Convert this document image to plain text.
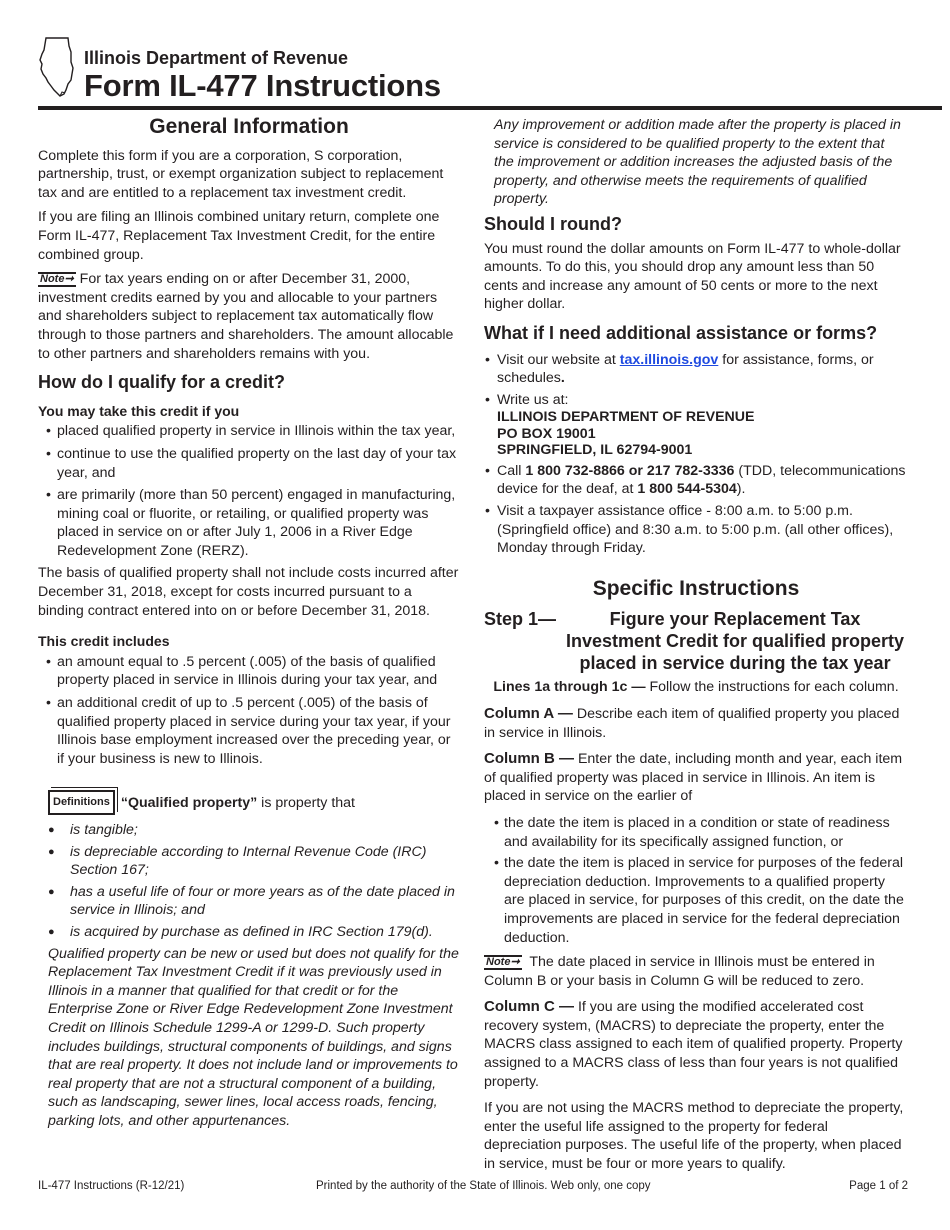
Illinois Department of Revenue
Form IL-477 Instructions
General Information

Complete this form if you are a corporation, S corporation, partnership, trust, or exempt organization subject to replacement tax and are entitled to a replacement tax investment credit.

If you are filing an Illinois combined unitary return, complete one Form IL-477, Replacement Tax Investment Credit, for the entire combined group.

Note➞ For tax years ending on or after December 31, 2000, investment credits earned by you and allocable to your partners and shareholders subject to replacement tax automatically flow through to those partners and shareholders. The amount allocable to other partners and shareholders remains with you.

How do I qualify for a credit?
You may take this credit if you
• placed qualified property in service in Illinois within the tax year,
• continue to use the qualified property on the last day of your tax year, and
• are primarily (more than 50 percent) engaged in manufacturing, mining coal or fluorite, or retailing, or qualified property was placed in service on or after July 1, 2006 in a River Edge Redevelopment Zone (RERZ).

The basis of qualified property shall not include costs incurred after December 31, 2018, except for costs incurred pursuant to a binding contract entered into on or before December 31, 2018.

This credit includes
• an amount equal to .5 percent (.005) of the basis of qualified property placed in service in Illinois during your tax year, and
• an additional credit of up to .5 percent (.005) of the basis of qualified property placed in service during your tax year, if your Illinois base employment increased over the preceding year, or if your business is new to Illinois.

Definitions “Qualified property” is property that

● is tangible;
● is depreciable according to Internal Revenue Code (IRC) Section 167;
● has a useful life of four or more years as of the date placed in service in Illinois; and
● is acquired by purchase as defined in IRC Section 179(d).

Qualified property can be new or used but does not qualify for the Replacement Tax Investment Credit if it was previously used in Illinois in a manner that qualified for that credit or for the Enterprise Zone or River Edge Redevelopment Zone Investment Credit on Illinois Schedule 1299-A or 1299-D. Such property includes buildings, structural components of buildings, and signs that are real property. It does not include land or improvements to real property that are not a structural component of a building, such as landscaping, sewer lines, local access roads, fencing, parking lots, and other appurtenances.

Any improvement or addition made after the property is placed in service is considered to be qualified property to the extent that the improvement or addition increases the adjusted basis of the property, and otherwise meets the requirements of qualified property.

Should I round?

You must round the dollar amounts on Form IL-477 to whole-dollar amounts. To do this, you should drop any amount less than 50 cents and increase any amount of 50 cents or more to the next higher dollar.

What if I need additional assistance or forms?
• Visit our website at tax.illinois.gov for assistance, forms, or schedules.
• Write us at:
ILLINOIS DEPARTMENT OF REVENUE
PO BOX 19001
SPRINGFIELD, IL 62794-9001
• Call 1 800 732-8866 or 217 782-3336 (TDD, telecommunications device for the deaf, at 1 800 544-5304).
• Visit a taxpayer assistance office - 8:00 a.m. to 5:00 p.m. (Springfield office) and 8:30 a.m. to 5:00 p.m. (all other offices), Monday through Friday.
Specific Instructions
Step 1—	Figure your Replacement Tax Investment Credit for qualified property placed in service during the tax year

Lines 1a through 1c — Follow the instructions for each column.

Column A — Describe each item of qualified property you placed in service in Illinois.

Column B — Enter the date, including month and year, each item of qualified property was placed in service in Illinois. An item is placed in service on the earlier of

• the date the item is placed in a condition or state of readiness and availability for its specifically assigned function, or
• the date the item is placed in service for purposes of the federal depreciation deduction. Improvements to a qualified property are placed in service, for purposes of this credit, on the date the improvements are placed in service for the federal depreciation deduction.

Note➞ The date placed in service in Illinois must be entered in Column B or your basis in Column G will be reduced to zero.

Column C — If you are using the modified accelerated cost recovery system, (MACRS) to depreciate the property, enter the MACRS class assigned to each item of qualified property. Property assigned to a MACRS class of less than four years is not qualified property.

If you are not using the MACRS method to depreciate the property, enter the useful life assigned to the property for federal depreciation purposes. The useful life of the property, when placed in service, must be four or more years to qualify.

IL-477 Instructions (R-12/21)	Printed by the authority of the State of Illinois. Web only, one copy	Page 1 of 2
